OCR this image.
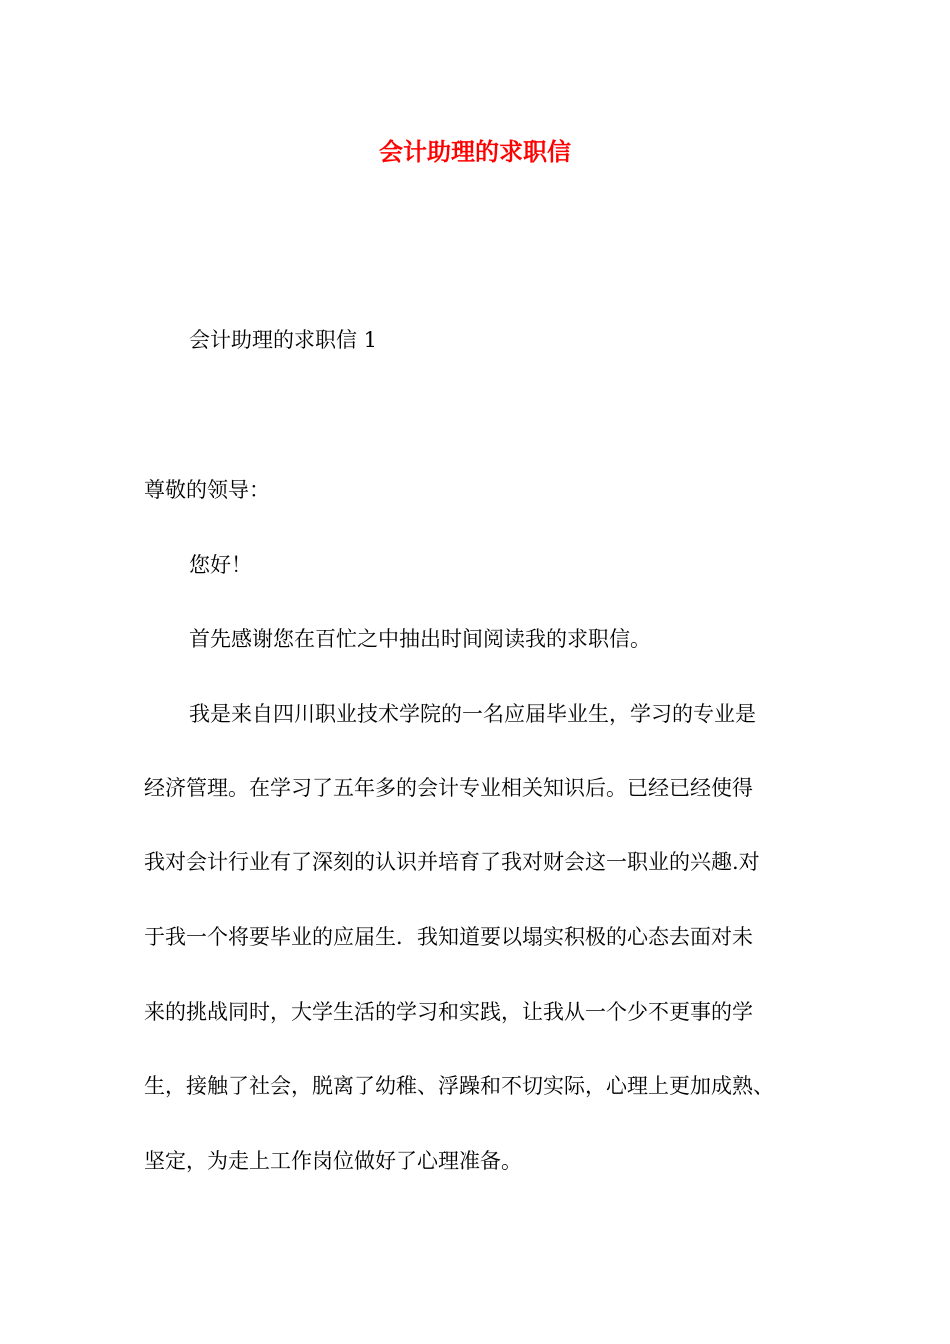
会计助理的求职信

会计助理的求职信 1

尊敬的领导：

您好！

首先感谢您在百忙之中抽出时间阅读我的求职信。

我是来自四川职业技术学院的一名应届毕业生，学习的专业是

经济管理。在学习了五年多的会计专业相关知识后。已经已经使得

我对会计行业有了深刻的认识并培育了我对财会这一职业的兴趣.对

于我一个将要毕业的应届生．我知道要以塌实积极的心态去面对未

来的挑战同时，大学生活的学习和实践，让我从一个少不更事的学

生，接触了社会，脱离了幼稚、浮躁和不切实际，心理上更加成熟、

坚定，为走上工作岗位做好了心理准备。
